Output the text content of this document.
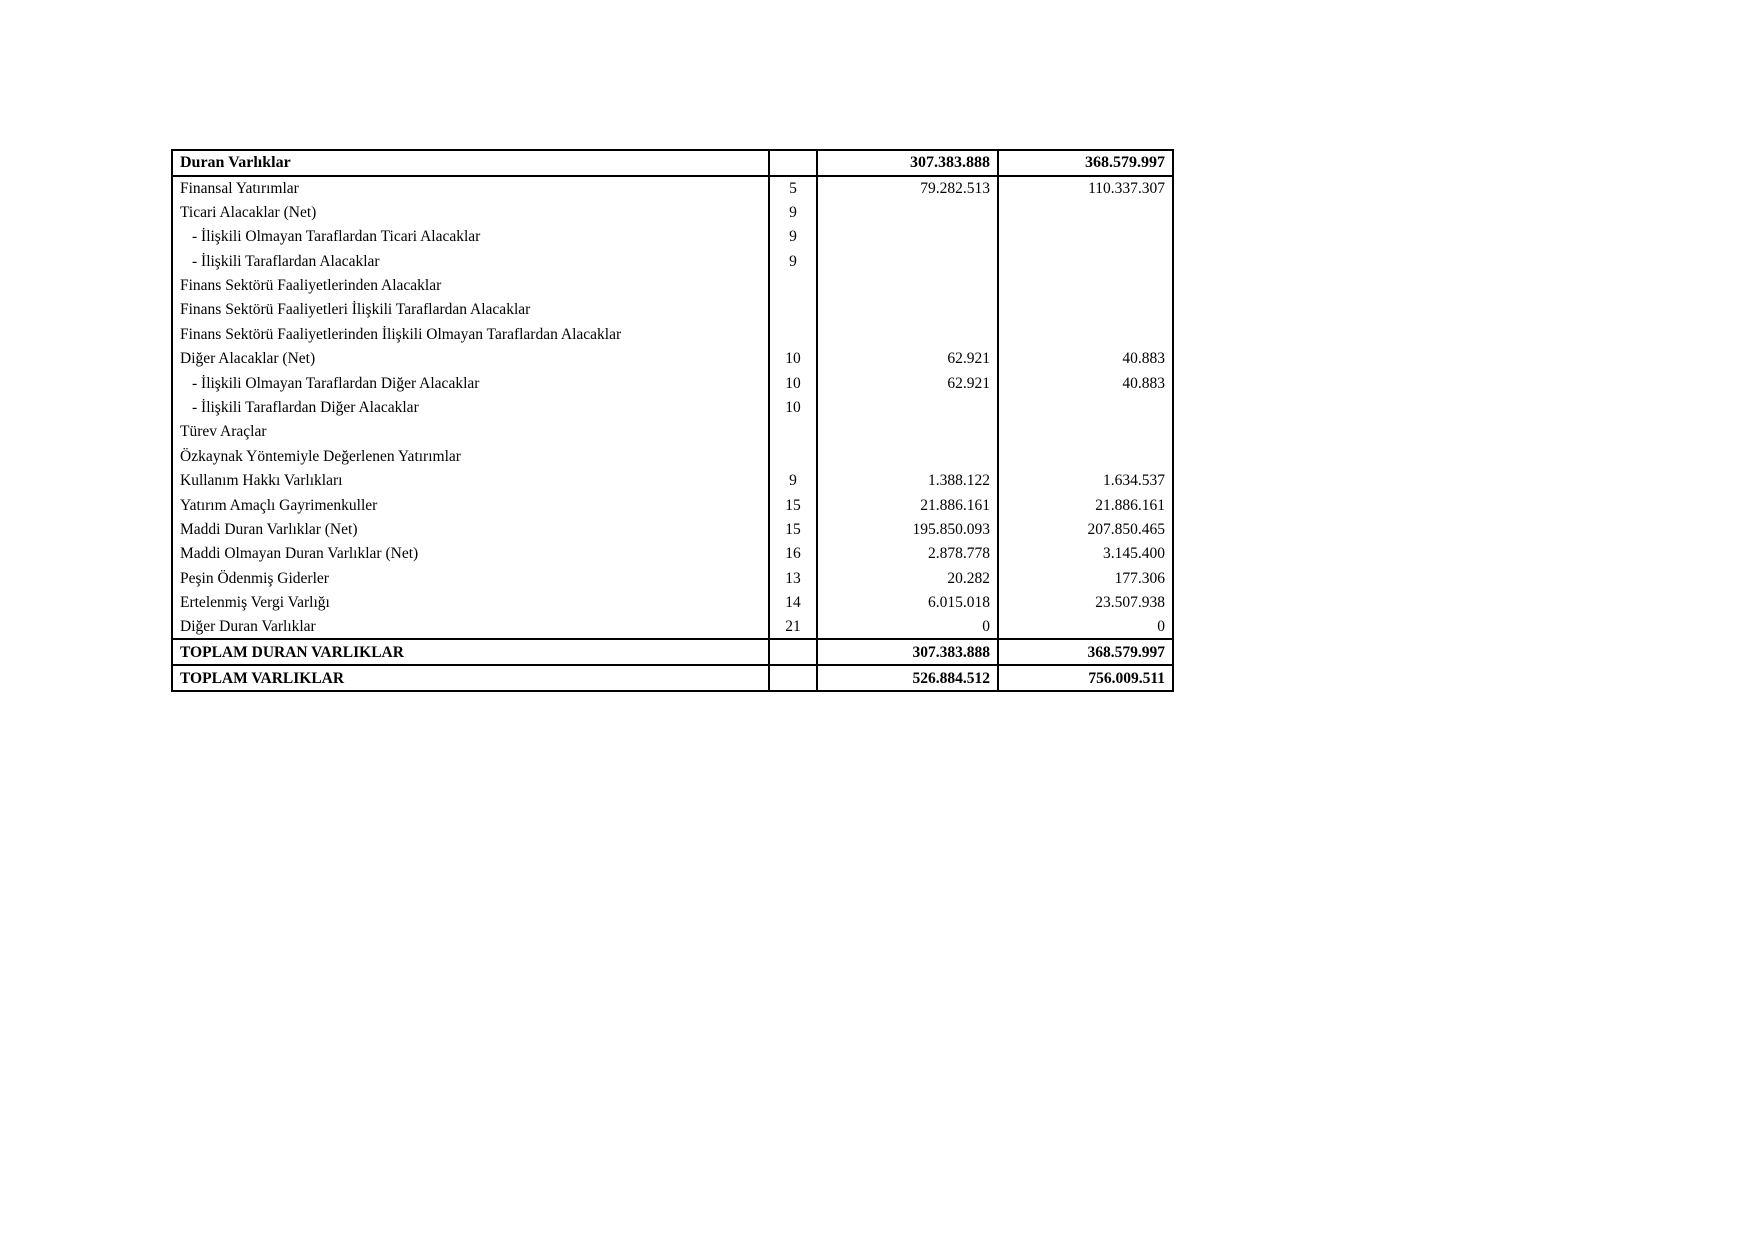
Duran Varlıklar		307.383.888	368.579.997
Finansal Yatırımlar	5	79.282.513	110.337.307
Ticari Alacaklar (Net)	9		
- İlişkili Olmayan Taraflardan Ticari Alacaklar	9		
- İlişkili Taraflardan Alacaklar	9		
Finans Sektörü Faaliyetlerinden Alacaklar			
Finans Sektörü Faaliyetleri İlişkili Taraflardan Alacaklar			
Finans Sektörü Faaliyetlerinden İlişkili Olmayan Taraflardan Alacaklar			
Diğer Alacaklar (Net)	10	62.921	40.883
- İlişkili Olmayan Taraflardan Diğer Alacaklar	10	62.921	40.883
- İlişkili Taraflardan Diğer Alacaklar	10		
Türev Araçlar			
Özkaynak Yöntemiyle Değerlenen Yatırımlar			
Kullanım Hakkı Varlıkları	9	1.388.122	1.634.537
Yatırım Amaçlı Gayrimenkuller	15	21.886.161	21.886.161
Maddi Duran Varlıklar (Net)	15	195.850.093	207.850.465
Maddi Olmayan Duran Varlıklar (Net)	16	2.878.778	3.145.400
Peşin Ödenmiş Giderler	13	20.282	177.306
Ertelenmiş Vergi Varlığı	14	6.015.018	23.507.938
Diğer Duran Varlıklar	21	0	0
TOPLAM DURAN VARLIKLAR		307.383.888	368.579.997
TOPLAM VARLIKLAR		526.884.512	756.009.511
